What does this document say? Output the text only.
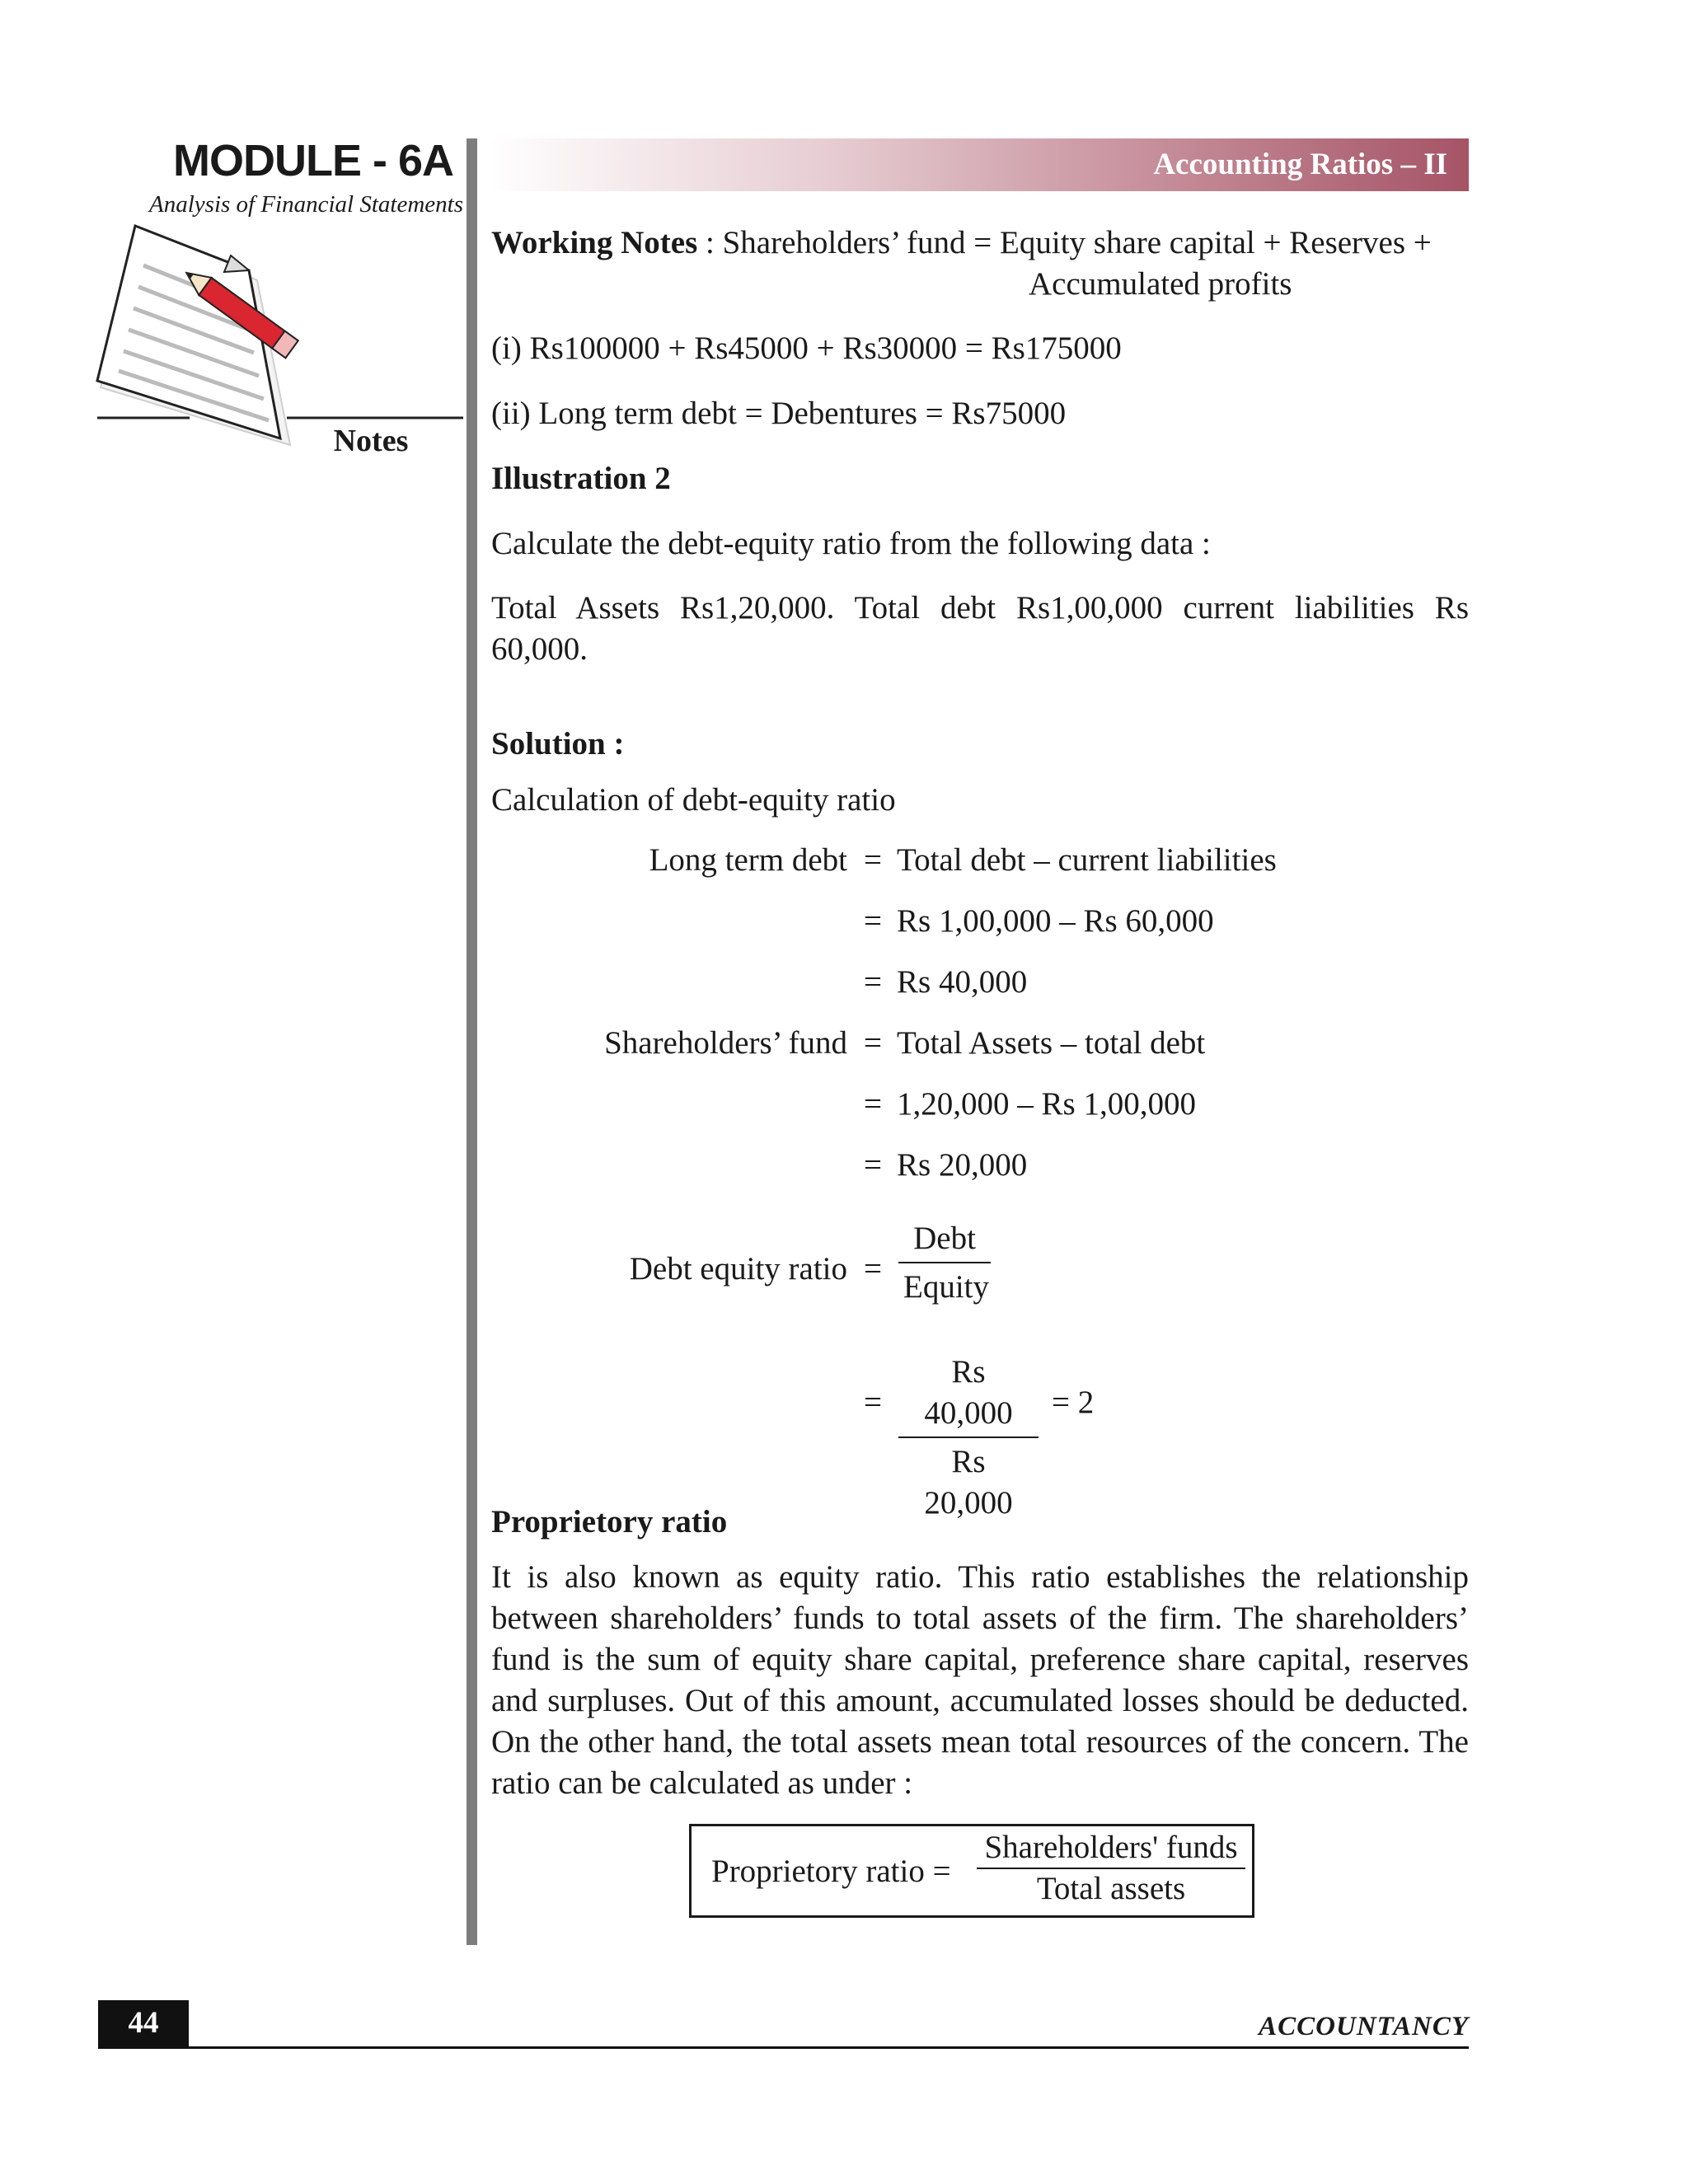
MODULE - 6A
Analysis of Financial Statements
Notes
Accounting Ratios – II
Working Notes : Shareholders’ fund = Equity share capital + Reserves +
Accumulated profits
(i) Rs100000 + Rs45000 + Rs30000 = Rs175000
(ii) Long term debt = Debentures = Rs75000
Illustration 2
Calculate the debt-equity ratio from the following data :
Total Assets Rs1,20,000. Total debt Rs1,00,000 current liabilities Rs 60,000.
Solution :
Calculation of debt-equity ratio
Long term debt = Total debt – current liabilities
= Rs 1,00,000 – Rs 60,000
= Rs 40,000
Shareholders’ fund = Total Assets – total debt
= 1,20,000 – Rs 1,00,000
= Rs 20,000
Debt equity ratio =
Debt
Equity
=
Rs 40,000
Rs 20,000
= 2
Proprietory ratio
It is also known as equity ratio. This ratio establishes the relationship between shareholders’ funds to total assets of the firm. The shareholders’ fund is the sum of equity share capital, preference share capital, reserves and surpluses. Out of this amount, accumulated losses should be deducted. On the other hand, the total assets mean total resources of the concern. The ratio can be calculated as under :
Proprietory ratio =
Shareholders' funds
Total assets
44	ACCOUNTANCY
